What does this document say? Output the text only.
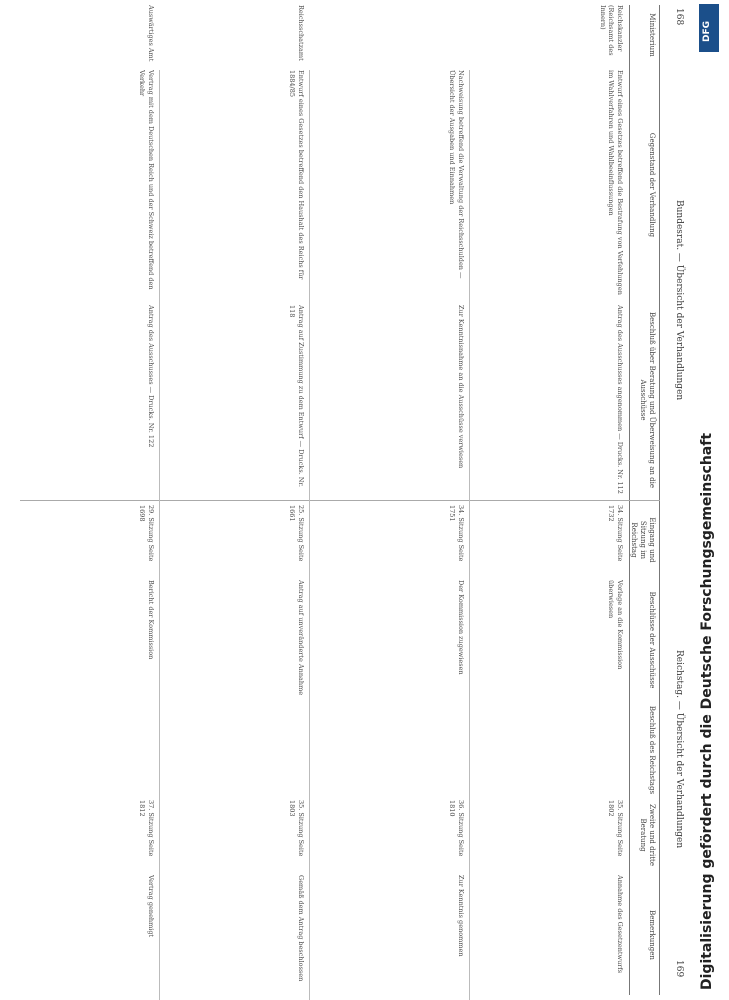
168
Bundesrat. — Übersicht der Verhandlungen
Reichstag. — Übersicht der Verhandlungen
169
Ministerium
Gegenstand der Verhandlung
Beschluß über Beratung und Überweisung an die Ausschüsse
Eingang und Sitzung im Reichstag
Beschlüsse der Ausschüsse
Beschluß des Reichstags
Zweite und dritte Beratung
Bemerkungen
Reichskanzler (Reichsamt des Innern)
Entwurf eines Gesetzes betreffend die Bestrafung von Verfehlungen im Wahlverfahren und Wahlbeeinflussungen
Antrag des Ausschusses angenommen — Drucks. Nr. 112
34. Sitzung Seite 1732
Vorlage an die Kommission überwiesen
35. Sitzung Seite 1802
Annahme des Gesetzentwurfs
Nachweisung betreffend die Verwaltung der Reichsschulden — Übersicht der Ausgaben und Einnahmen
Zur Kenntnisnahme an die Ausschüsse verwiesen
34. Sitzung Seite 1751
Der Kommission zugewiesen
36. Sitzung Seite 1810
Zur Kenntnis genommen
Reichsschatzamt
Entwurf eines Gesetzes betreffend den Haushalt des Reichs für 1884/85
Antrag auf Zustimmung zu dem Entwurf — Drucks. Nr. 118
25. Sitzung Seite 1661
Antrag auf unveränderte Annahme
35. Sitzung Seite 1803
Gemäß dem Antrag beschlossen
Auswärtiges Amt
Vertrag mit dem Deutschen Reich und der Schweiz betreffend den Verkehr
Antrag des Ausschusses — Drucks. Nr. 122
29. Sitzung Seite 1698
Bericht der Kommission
37. Sitzung Seite 1812
Vertrag genehmigt
DFG
Digitalisierung gefördert durch die Deutsche Forschungsgemeinschaft
